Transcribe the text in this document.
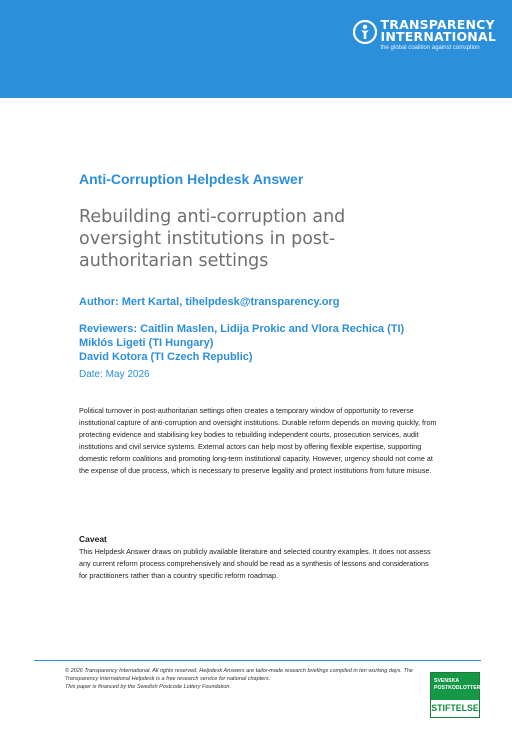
TRANSPARENCY
INTERNATIONAL
the global coalition against corruption
Anti-Corruption Helpdesk Answer
Rebuilding anti-corruption and oversight institutions in post-authoritarian settings
Author: Mert Kartal, tihelpdesk@transparency.org
Reviewers: Caitlin Maslen, Lidija Prokic and Vlora Rechica (TI)
Miklós Ligeti (TI Hungary)
David Kotora (TI Czech Republic)
Date: May 2026

Political turnover in post-authoritarian settings often creates a temporary window of opportunity to reverse institutional capture of anti-corruption and oversight institutions. Durable reform depends on moving quickly, from protecting evidence and stabilising key bodies to rebuilding independent courts, prosecution services, audit institutions and civil service systems. External actors can help most by offering flexible expertise, supporting domestic reform coalitions and promoting long-term institutional capacity. However, urgency should not come at the expense of due process, which is necessary to preserve legality and protect institutions from future misuse.

Caveat

This Helpdesk Answer draws on publicly available literature and selected country examples. It does not assess any current reform process comprehensively and should be read as a synthesis of lessons and considerations for practitioners rather than a country specific reform roadmap.

© 2026 Transparency International. All rights reserved. Helpdesk Answers are tailor-made research briefings compiled in ten working days. The Transparency International Helpdesk is a free research service for national chapters.
This paper is financed by the Swedish Postcode Lottery Foundation.
SVENSKA
POSTKODLOTTERIETS
STIFTELSE
